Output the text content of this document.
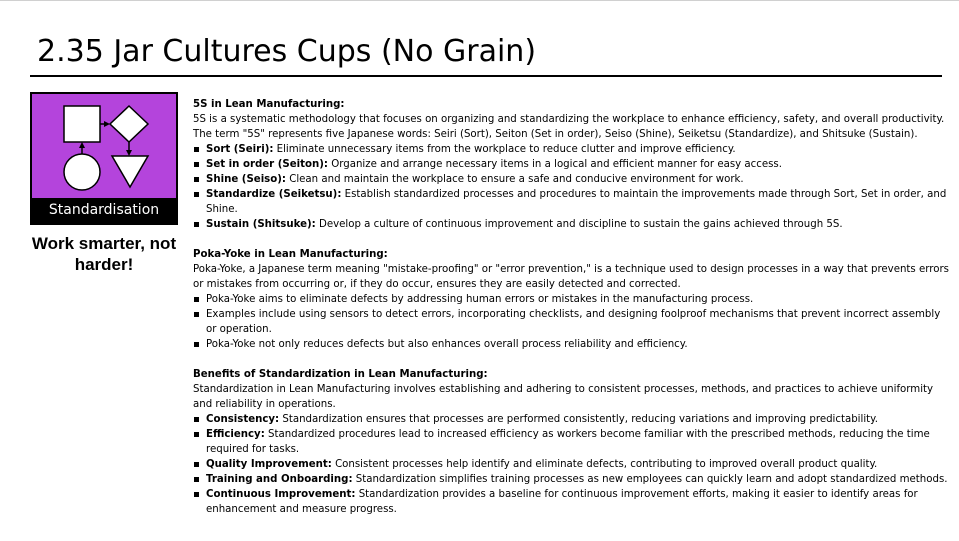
2.35 Jar Cultures Cups (No Grain)
Standardisation
Work smarter, not harder!

5S in Lean Manufacturing:

5S is a systematic methodology that focuses on organizing and standardizing the workplace to enhance efficiency, safety, and overall productivity.

The term "5S" represents five Japanese words: Seiri (Sort), Seiton (Set in order), Seiso (Shine), Seiketsu (Standardize), and Shitsuke (Sustain).

Sort (Seiri): Eliminate unnecessary items from the workplace to reduce clutter and improve efficiency.
Set in order (Seiton): Organize and arrange necessary items in a logical and efficient manner for easy access.
Shine (Seiso): Clean and maintain the workplace to ensure a safe and conducive environment for work.
Standardize (Seiketsu): Establish standardized processes and procedures to maintain the improvements made through Sort, Set in order, and Shine.
Sustain (Shitsuke): Develop a culture of continuous improvement and discipline to sustain the gains achieved through 5S.

Poka-Yoke in Lean Manufacturing:

Poka-Yoke, a Japanese term meaning "mistake-proofing" or "error prevention," is a technique used to design processes in a way that prevents errors or mistakes from occurring or, if they do occur, ensures they are easily detected and corrected.

Poka-Yoke aims to eliminate defects by addressing human errors or mistakes in the manufacturing process.
Examples include using sensors to detect errors, incorporating checklists, and designing foolproof mechanisms that prevent incorrect assembly or operation.
Poka-Yoke not only reduces defects but also enhances overall process reliability and efficiency.

Benefits of Standardization in Lean Manufacturing:

Standardization in Lean Manufacturing involves establishing and adhering to consistent processes, methods, and practices to achieve uniformity and reliability in operations.

Consistency: Standardization ensures that processes are performed consistently, reducing variations and improving predictability.
Efficiency: Standardized procedures lead to increased efficiency as workers become familiar with the prescribed methods, reducing the time required for tasks.
Quality Improvement: Consistent processes help identify and eliminate defects, contributing to improved overall product quality.
Training and Onboarding: Standardization simplifies training processes as new employees can quickly learn and adopt standardized methods.
Continuous Improvement: Standardization provides a baseline for continuous improvement efforts, making it easier to identify areas for enhancement and measure progress.
